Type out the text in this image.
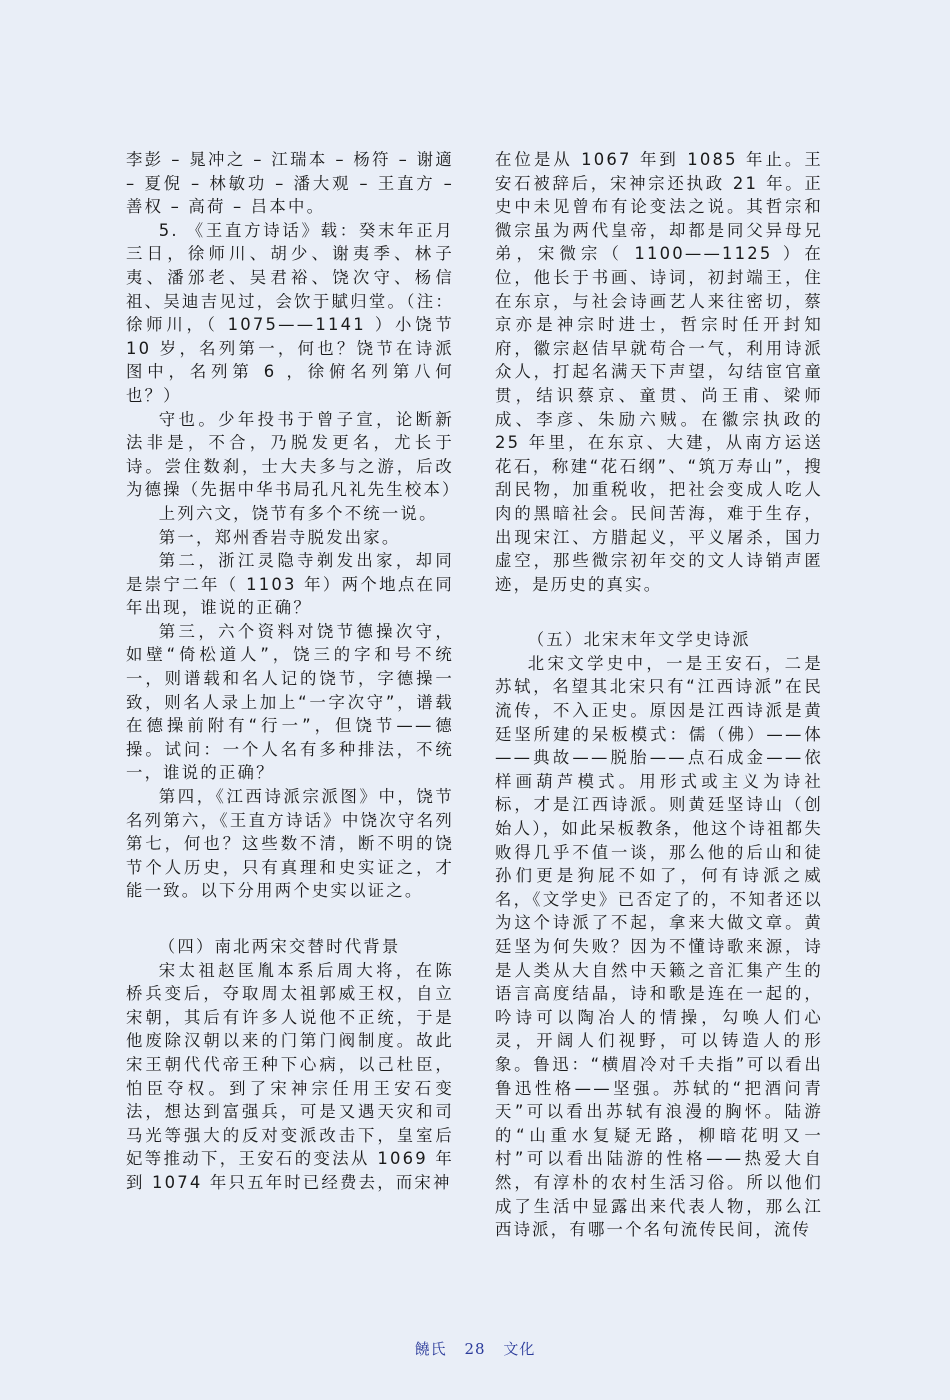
李彭 – 晁冲之 – 江瑞本 – 杨符 – 谢適 – 夏倪 – 林敏功 – 潘大观 – 王直方 – 善权 – 高荷 – 吕本中。

5. 《王直方诗话》载：癸末年正月三日，徐师川、胡少、谢夷季、林子夷、潘邠老、吴君裕、饶次守、杨信祖、吴迪吉见过，会饮于賦归堂。（注：徐师川，（ 1075——1141 ）小饶节 10 岁，名列第一，何也？饶节在诗派图中，名列第 6 ，徐俯名列第八何也？）

守也。少年投书于曾子宣，论断新法非是，不合，乃脱发更名，尤长于诗。尝住数刹，士大夫多与之游，后改为德操（先据中华书局孔凡礼先生校本）

上列六文，饶节有多个不统一说。

第一，郑州香岩寺脱发出家。

第二，浙江灵隐寺剃发出家，却同是崇宁二年（ 1103 年）两个地点在同年出现，谁说的正确？

第三，六个资料对饶节德操次守，如壁“倚松道人”，饶三的字和号不统一，则谱载和名人记的饶节，字德操一致，则名人录上加上“一字次守”，谱载在德操前附有“行一”，但饶节——德操。试问：一个人名有多种排法，不统一，谁说的正确？

第四，《江西诗派宗派图》中，饶节名列第六，《王直方诗话》中饶次守名列第七，何也？这些数不清，断不明的饶节个人历史，只有真理和史实证之，才能一致。以下分用两个史实以证之。

（四）南北两宋交替时代背景

宋太祖赵匡胤本系后周大将，在陈桥兵变后，夺取周太祖郭威王权，自立宋朝，其后有许多人说他不正统，于是他废除汉朝以来的门第门阀制度。故此宋王朝代代帝王种下心病，以己杜臣，怕臣夺权。到了宋神宗任用王安石变法，想达到富强兵，可是又遇天灾和司马光等强大的反对变派改击下，皇室后妃等推动下，王安石的变法从 1069 年到 1074 年只五年时已经费去，而宋神

在位是从 1067 年到 1085 年止。王安石被辞后，宋神宗还执政 21 年。正史中未见曾布有论变法之说。其哲宗和微宗虽为两代皇帝，却都是同父异母兄弟，宋微宗（ 1100——1125 ）在位，他长于书画、诗词，初封端王，住在东京，与社会诗画艺人来往密切，蔡京亦是神宗时进士，哲宗时任开封知府，徽宗赵佶早就苟合一气，利用诗派众人，打起名满天下声望，勾结宦官童贯，结识蔡京、童贯、尚王甫、梁师成、李彦、朱励六贼。在徽宗执政的 25 年里，在东京、大建，从南方运送花石，称建“花石纲”、“筑万寿山”，搜刮民物，加重税收，把社会变成人吃人肉的黑暗社会。民间苦海，难于生存，出现宋江、方腊起义，平义屠杀，国力虚空，那些微宗初年交的文人诗销声匿迹，是历史的真实。

（五）北宋末年文学史诗派

北宋文学史中，一是王安石，二是苏轼，名望其北宋只有“江西诗派”在民流传，不入正史。原因是江西诗派是黄廷坚所建的呆板模式：儒（佛）——体——典故——脱胎——点石成金——依样画葫芦模式。用形式或主义为诗社标，才是江西诗派。则黄廷坚诗山（创始人），如此呆板教条，他这个诗祖都失败得几乎不值一谈，那么他的后山和徒孙们更是狗屁不如了，何有诗派之威名，《文学史》已否定了的，不知者还以为这个诗派了不起，拿来大做文章。黄廷坚为何失败？因为不懂诗歌来源，诗是人类从大自然中天籁之音汇集产生的语言高度结晶，诗和歌是连在一起的，吟诗可以陶冶人的情操，勾唤人们心灵，开阔人们视野，可以铸造人的形象。鲁迅：“横眉冷对千夫指”可以看出鲁迅性格——坚强。苏轼的“把酒问青天”可以看出苏轼有浪漫的胸怀。陆游的“山重水复疑无路，柳暗花明又一村”可以看出陆游的性格——热爱大自然，有淳朴的农村生活习俗。所以他们成了生活中显露出来代表人物，那么江西诗派，有哪一个名句流传民间，流传

饒氏 28 文化
